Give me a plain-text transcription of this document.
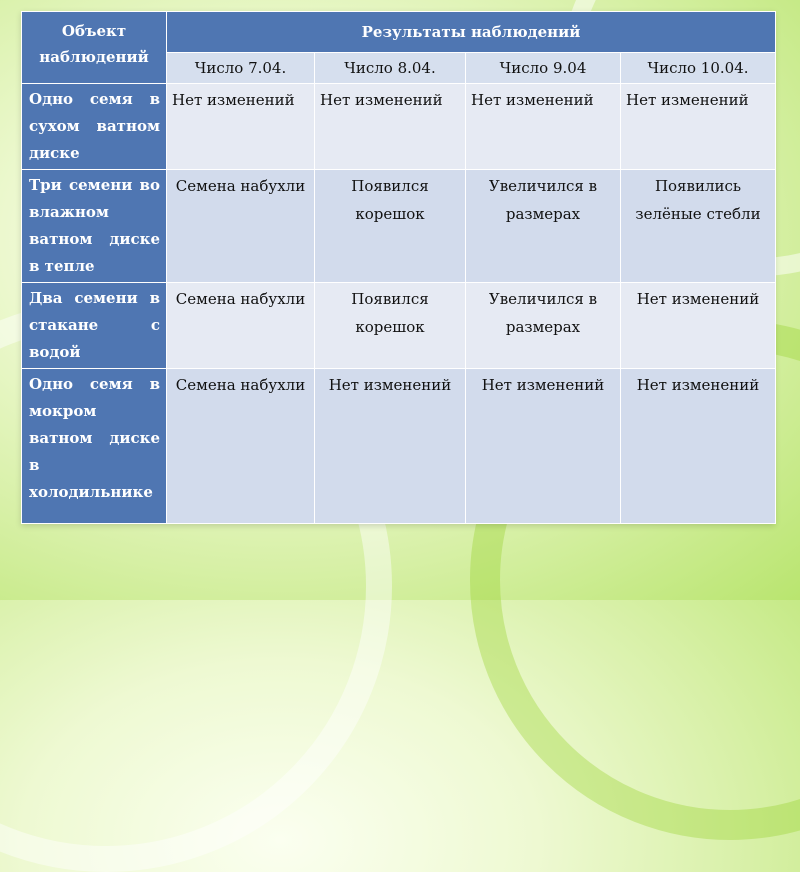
Объект наблюдений	Результаты наблюдений			
	Число 7.04.	Число 8.04.	Число 9.04	Число 10.04.
Одно семя в сухом ватном диске	Нет изменений	Нет изменений	Нет изменений	Нет изменений
Три семени во влажном ватном диске в тепле	Семена набухли	Появился корешок	Увеличился в размерах	Появились зелёные стебли
Два семени в стакане с водой	Семена набухли	Появился корешок	Увеличился в размерах	Нет изменений
Одно семя в мокром ватном диске в холодильнике	Семена набухли	Нет изменений	Нет изменений	Нет изменений
